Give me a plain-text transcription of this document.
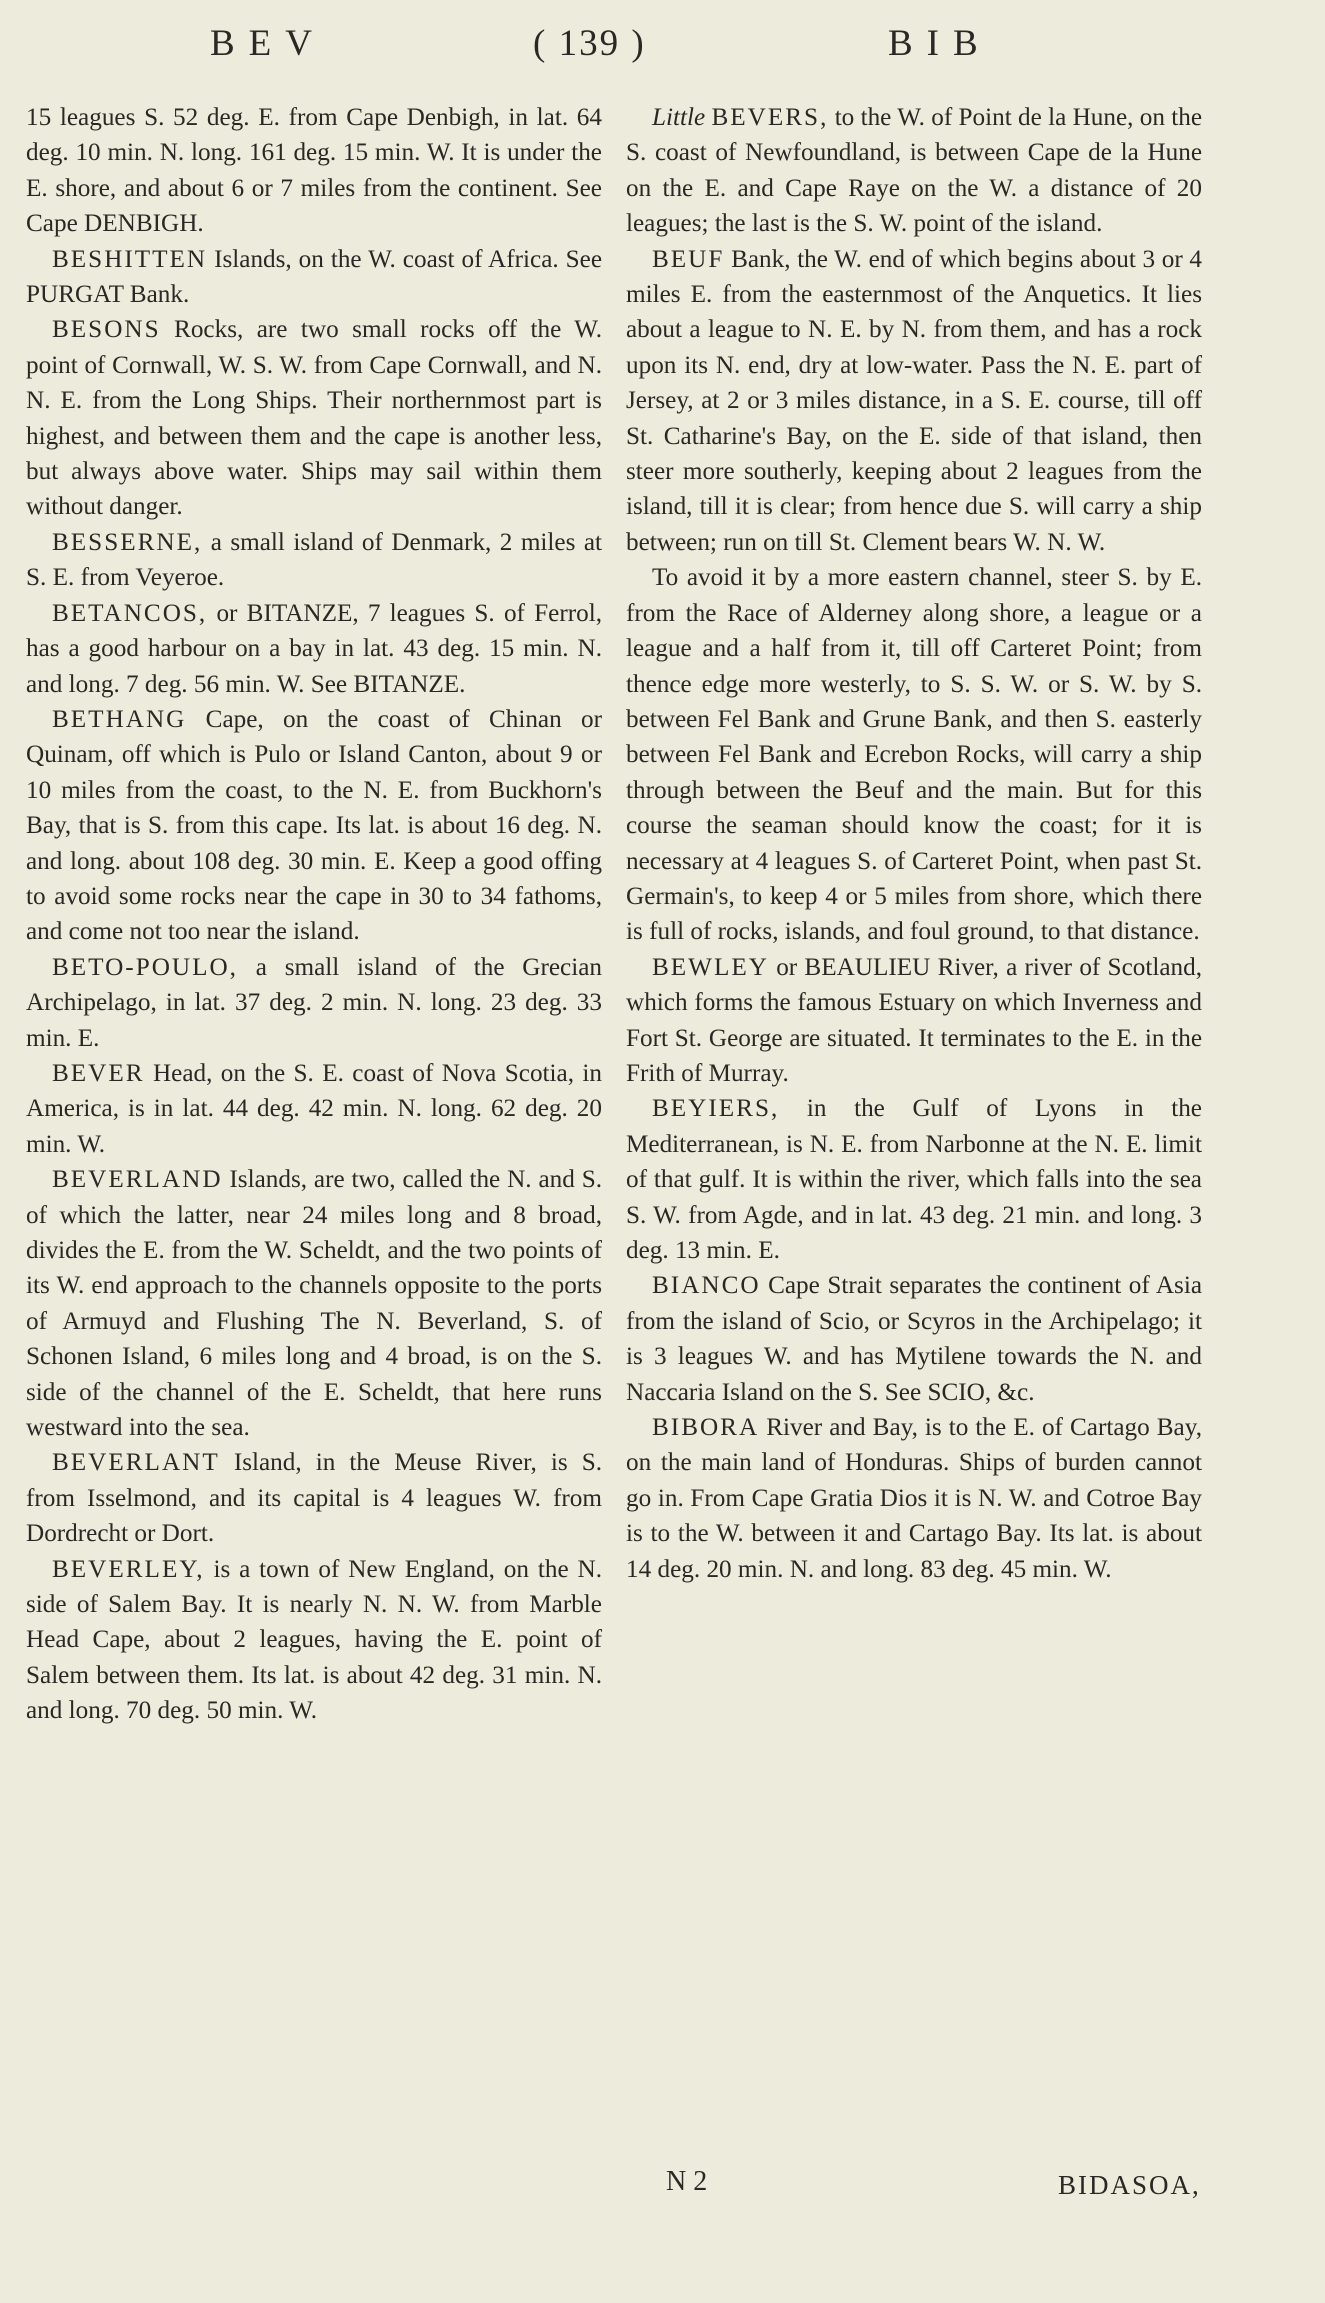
BEV	( 139 )	BIB

15 leagues S. 52 deg. E. from Cape Denbigh, in lat. 64 deg. 10 min. N. long. 161 deg. 15 min. W. It is under the E. shore, and about 6 or 7 miles from the continent. See Cape DENBIGH.

BESHITTEN Islands, on the W. coast of Africa. See PURGAT Bank.

BESONS Rocks, are two small rocks off the W. point of Cornwall, W. S. W. from Cape Cornwall, and N. N. E. from the Long Ships. Their northernmost part is highest, and between them and the cape is another less, but always above water. Ships may sail within them without danger.

BESSERNE, a small island of Denmark, 2 miles at S. E. from Veyeroe.

BETANCOS, or BITANZE, 7 leagues S. of Ferrol, has a good harbour on a bay in lat. 43 deg. 15 min. N. and long. 7 deg. 56 min. W. See BITANZE.

BETHANG Cape, on the coast of Chinan or Quinam, off which is Pulo or Island Canton, about 9 or 10 miles from the coast, to the N. E. from Buckhorn's Bay, that is S. from this cape. Its lat. is about 16 deg. N. and long. about 108 deg. 30 min. E. Keep a good offing to avoid some rocks near the cape in 30 to 34 fathoms, and come not too near the island.

BETO-POULO, a small island of the Grecian Archipelago, in lat. 37 deg. 2 min. N. long. 23 deg. 33 min. E.

BEVER Head, on the S. E. coast of Nova Scotia, in America, is in lat. 44 deg. 42 min. N. long. 62 deg. 20 min. W.

BEVERLAND Islands, are two, called the N. and S. of which the latter, near 24 miles long and 8 broad, divides the E. from the W. Scheldt, and the two points of its W. end approach to the channels opposite to the ports of Armuyd and Flushing The N. Beverland, S. of Schonen Island, 6 miles long and 4 broad, is on the S. side of the channel of the E. Scheldt, that here runs westward into the sea.

BEVERLANT Island, in the Meuse River, is S. from Isselmond, and its capital is 4 leagues W. from Dordrecht or Dort.

BEVERLEY, is a town of New England, on the N. side of Salem Bay. It is nearly N. N. W. from Marble Head Cape, about 2 leagues, having the E. point of Salem between them. Its lat. is about 42 deg. 31 min. N. and long. 70 deg. 50 min. W.

Little BEVERS, to the W. of Point de la Hune, on the S. coast of Newfoundland, is between Cape de la Hune on the E. and Cape Raye on the W. a distance of 20 leagues; the last is the S. W. point of the island.

BEUF Bank, the W. end of which begins about 3 or 4 miles E. from the easternmost of the Anquetics. It lies about a league to N. E. by N. from them, and has a rock upon its N. end, dry at low-water. Pass the N. E. part of Jersey, at 2 or 3 miles distance, in a S. E. course, till off St. Catharine's Bay, on the E. side of that island, then steer more southerly, keeping about 2 leagues from the island, till it is clear; from hence due S. will carry a ship between; run on till St. Clement bears W. N. W.

To avoid it by a more eastern channel, steer S. by E. from the Race of Alderney along shore, a league or a league and a half from it, till off Carteret Point; from thence edge more westerly, to S. S. W. or S. W. by S. between Fel Bank and Grune Bank, and then S. easterly between Fel Bank and Ecrebon Rocks, will carry a ship through between the Beuf and the main. But for this course the seaman should know the coast; for it is necessary at 4 leagues S. of Carteret Point, when past St. Germain's, to keep 4 or 5 miles from shore, which there is full of rocks, islands, and foul ground, to that distance.

BEWLEY or BEAULIEU River, a river of Scotland, which forms the famous Estuary on which Inverness and Fort St. George are situated. It terminates to the E. in the Frith of Murray.

BEYIERS, in the Gulf of Lyons in the Mediterranean, is N. E. from Narbonne at the N. E. limit of that gulf. It is within the river, which falls into the sea S. W. from Agde, and in lat. 43 deg. 21 min. and long. 3 deg. 13 min. E.

BIANCO Cape Strait separates the continent of Asia from the island of Scio, or Scyros in the Archipelago; it is 3 leagues W. and has Mytilene towards the N. and Naccaria Island on the S. See SCIO, &c.

BIBORA River and Bay, is to the E. of Cartago Bay, on the main land of Honduras. Ships of burden cannot go in. From Cape Gratia Dios it is N. W. and Cotroe Bay is to the W. between it and Cartago Bay. Its lat. is about 14 deg. 20 min. N. and long. 83 deg. 45 min. W.

N 2	BIDASOA,
